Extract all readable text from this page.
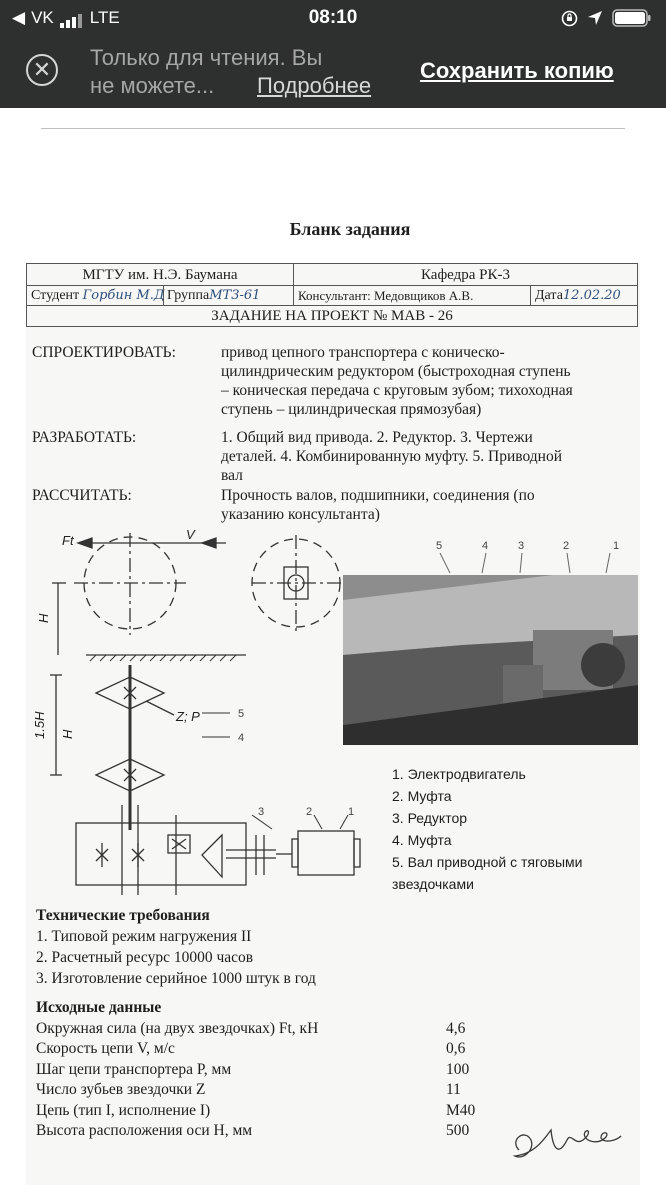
◀ VK LTE	08:10
✕	Только для чтения. Вы
не можете...	Подробнее
Сохранить копию
Бланк задания
МГТУ им. Н.Э. Баумана	Кафедра РК-3
Студент Горбин М.Д ГруппаМТ3-61	Консультант: Медовщиков А.В.	Дата12.02.20
ЗАДАНИЕ НА ПРОЕКТ № МАВ - 26
СПРОЕКТИРОВАТЬ:	привод цепного транспортера с коническо-
цилиндрическим редуктором (быстроходная ступень
– коническая передача с круговым зубом; тихоходная
ступень – цилиндрическая прямозубая)
РАЗРАБОТАТЬ:	1. Общий вид привода. 2. Редуктор. 3. Чертежи
деталей. 4. Комбинированную муфту. 5. Приводной
вал
РАССЧИТАТЬ:	Прочность валов, подшипники, соединения (по
указанию консультанта)
Ft	V
H
1.5H H
Z; P	5
4
3	2	1
5	4	3	2	1
1. Электродвигатель
2. Муфта
3. Редуктор
4. Муфта
5. Вал приводной с тяговыми
звездочками
Технические требования
1. Типовой режим нагружения II
2. Расчетный ресурс 10000 часов
3. Изготовление серийное 1000 штук в год
Исходные данные
Окружная сила (на двух звездочках) Ft, кН	4,6
Скорость цепи V, м/с	0,6
Шаг цепи транспортера P, мм	100
Число зубьев звездочки Z	11
Цепь (тип I, исполнение I)	М40
Высота расположения оси H, мм	500
